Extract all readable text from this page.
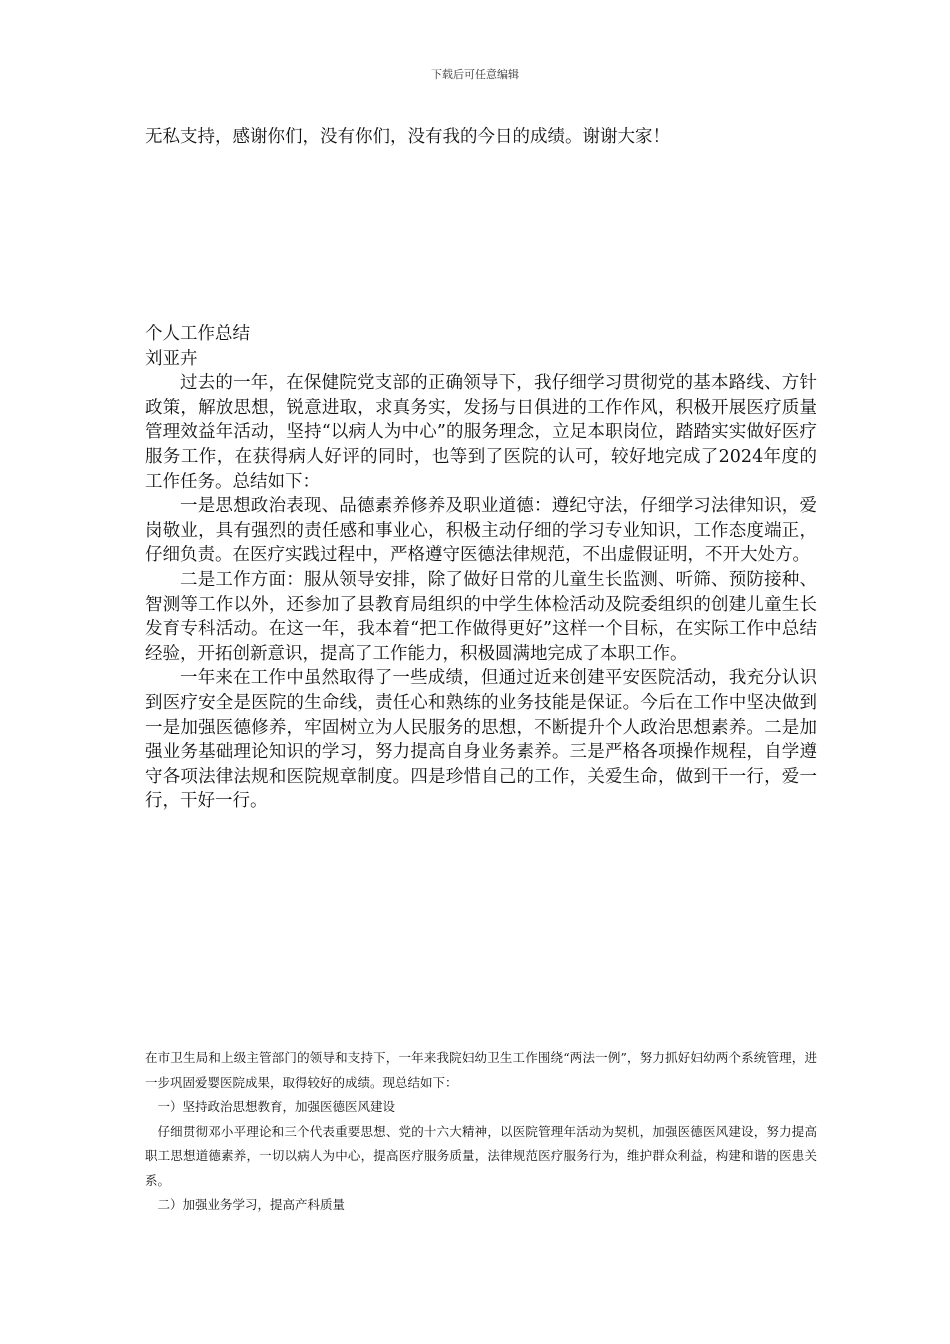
下载后可任意编辑
无私支持，感谢你们，没有你们，没有我的今日的成绩。谢谢大家！

个人工作总结

刘亚卉

过去的一年，在保健院党支部的正确领导下，我仔细学习贯彻党的基本路线、方针政策，解放思想，锐意进取，求真务实，发扬与日俱进的工作作风，积极开展医疗质量管理效益年活动，坚持“以病人为中心”的服务理念，立足本职岗位，踏踏实实做好医疗服务工作，在获得病人好评的同时，也等到了医院的认可，较好地完成了2024年度的工作任务。总结如下：

一是思想政治表现、品德素养修养及职业道德：遵纪守法，仔细学习法律知识，爱岗敬业，具有强烈的责任感和事业心，积极主动仔细的学习专业知识，工作态度端正，仔细负责。在医疗实践过程中，严格遵守医德法律规范，不出虚假证明，不开大处方。

二是工作方面：服从领导安排，除了做好日常的儿童生长监测、听筛、预防接种、智测等工作以外，还参加了县教育局组织的中学生体检活动及院委组织的创建儿童生长发育专科活动。在这一年，我本着“把工作做得更好”这样一个目标，在实际工作中总结经验，开拓创新意识，提高了工作能力，积极圆满地完成了本职工作。

一年来在工作中虽然取得了一些成绩，但通过近来创建平安医院活动，我充分认识到医疗安全是医院的生命线，责任心和熟练的业务技能是保证。今后在工作中坚决做到一是加强医德修养，牢固树立为人民服务的思想，不断提升个人政治思想素养。二是加强业务基础理论知识的学习，努力提高自身业务素养。三是严格各项操作规程，自学遵守各项法律法规和医院规章制度。四是珍惜自己的工作，关爱生命，做到干一行，爱一行，干好一行。

在市卫生局和上级主管部门的领导和支持下，一年来我院妇幼卫生工作围绕“两法一例”，努力抓好妇幼两个系统管理，进一步巩固爱婴医院成果，取得较好的成绩。现总结如下：

一）坚持政治思想教育，加强医德医风建设

仔细贯彻邓小平理论和三个代表重要思想、党的十六大精神，以医院管理年活动为契机，加强医德医风建设，努力提高职工思想道德素养，一切以病人为中心，提高医疗服务质量，法律规范医疗服务行为，维护群众利益，构建和谐的医患关系。

二）加强业务学习，提高产科质量
